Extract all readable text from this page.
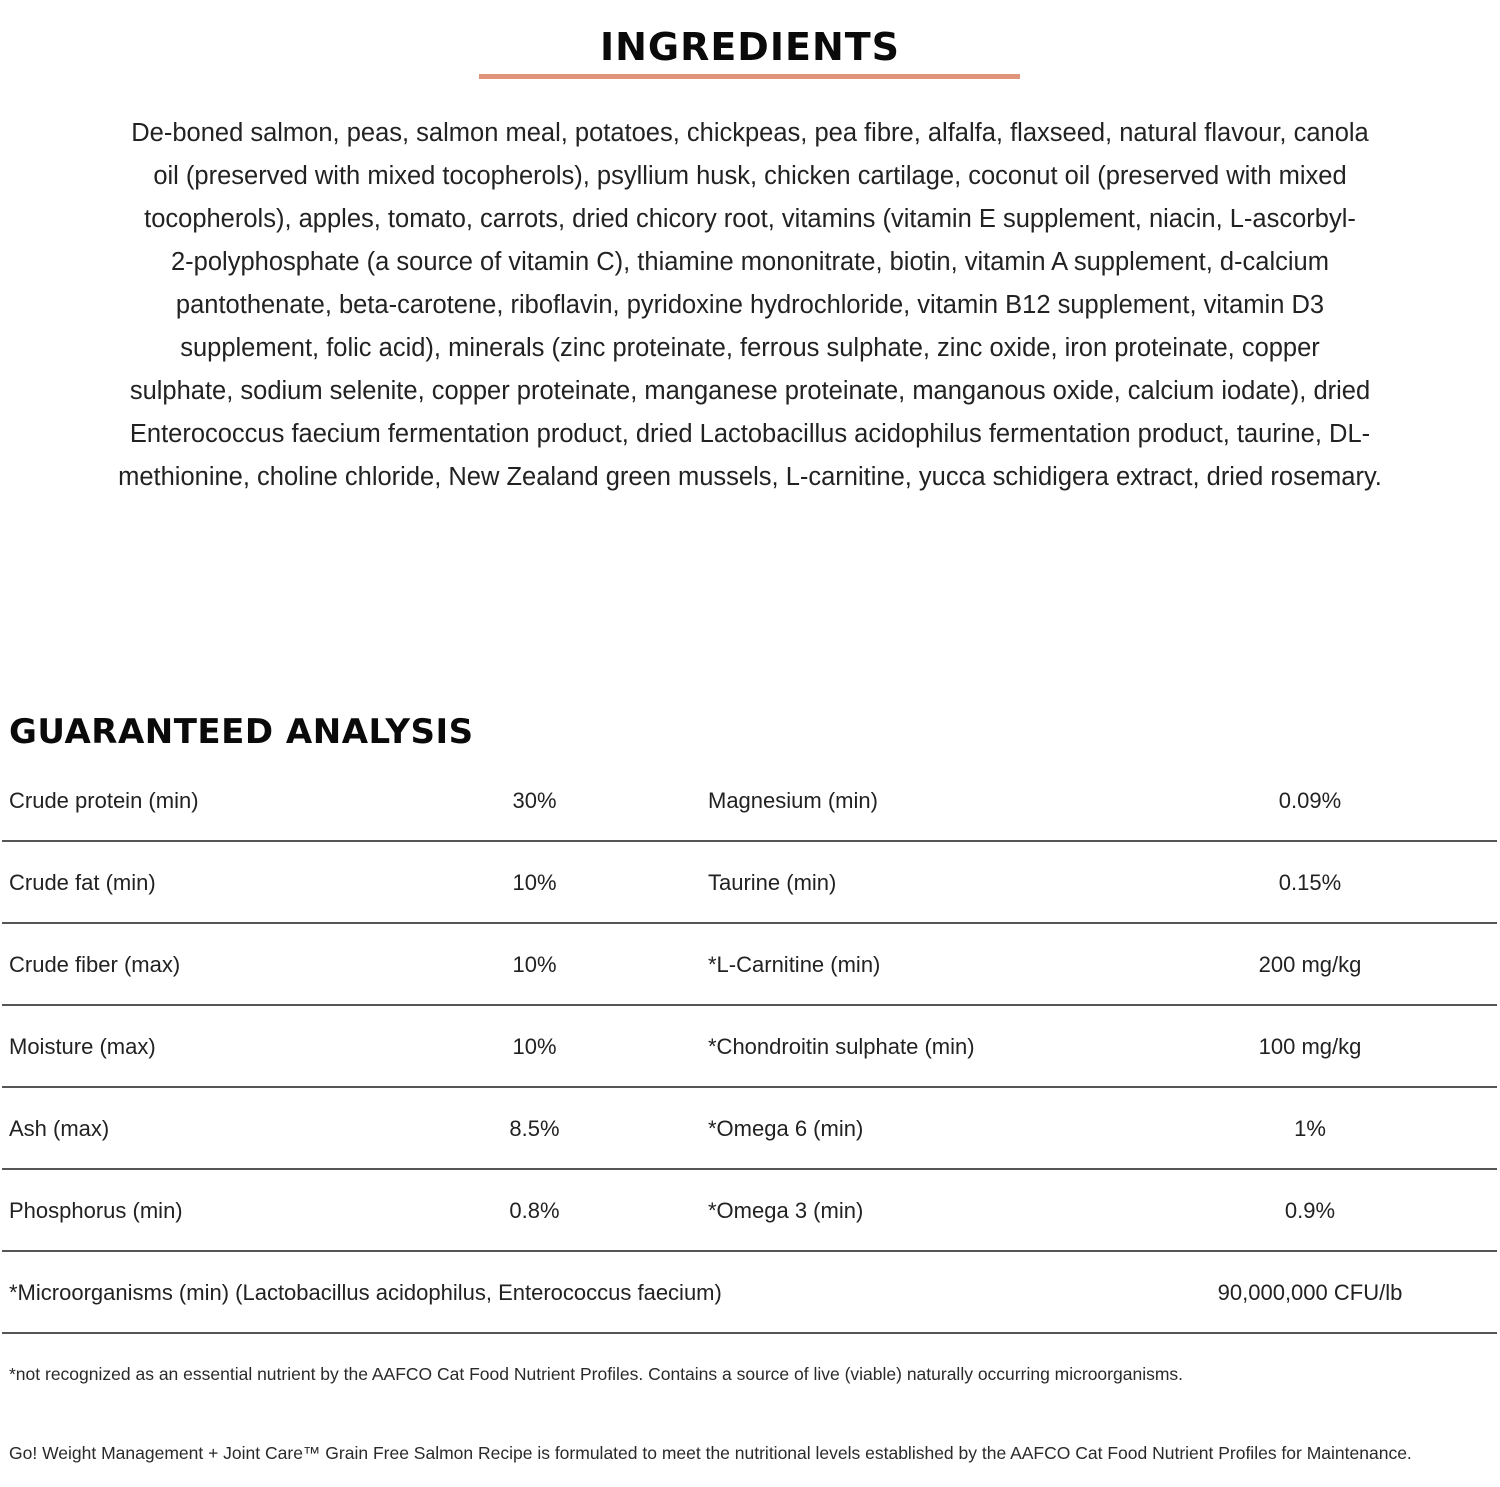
INGREDIENTS
De-boned salmon, peas, salmon meal, potatoes, chickpeas, pea fibre, alfalfa, flaxseed, natural flavour, canola
oil (preserved with mixed tocopherols), psyllium husk, chicken cartilage, coconut oil (preserved with mixed
tocopherols), apples, tomato, carrots, dried chicory root, vitamins (vitamin E supplement, niacin, L-ascorbyl-
2-polyphosphate (a source of vitamin C), thiamine mononitrate, biotin, vitamin A supplement, d-calcium
pantothenate, beta-carotene, riboflavin, pyridoxine hydrochloride, vitamin B12 supplement, vitamin D3
supplement, folic acid), minerals (zinc proteinate, ferrous sulphate, zinc oxide, iron proteinate, copper
sulphate, sodium selenite, copper proteinate, manganese proteinate, manganous oxide, calcium iodate), dried
Enterococcus faecium fermentation product, dried Lactobacillus acidophilus fermentation product, taurine, DL-
methionine, choline chloride, New Zealand green mussels, L-carnitine, yucca schidigera extract, dried rosemary.
GUARANTEED ANALYSIS
Crude protein (min)	30%	Magnesium (min)	0.09%
Crude fat (min)	10%	Taurine (min)	0.15%
Crude fiber (max)	10%	*L-Carnitine (min)	200 mg/kg
Moisture (max)	10%	*Chondroitin sulphate (min)	100 mg/kg
Ash (max)	8.5%	*Omega 6 (min)	1%
Phosphorus (min)	0.8%	*Omega 3 (min)	0.9%
*Microorganisms (min) (Lactobacillus acidophilus, Enterococcus faecium)	90,000,000 CFU/lb
*not recognized as an essential nutrient by the AAFCO Cat Food Nutrient Profiles. Contains a source of live (viable) naturally occurring microorganisms.
Go! Weight Management + Joint Care™ Grain Free Salmon Recipe is formulated to meet the nutritional levels established by the AAFCO Cat Food Nutrient Profiles for Maintenance.
